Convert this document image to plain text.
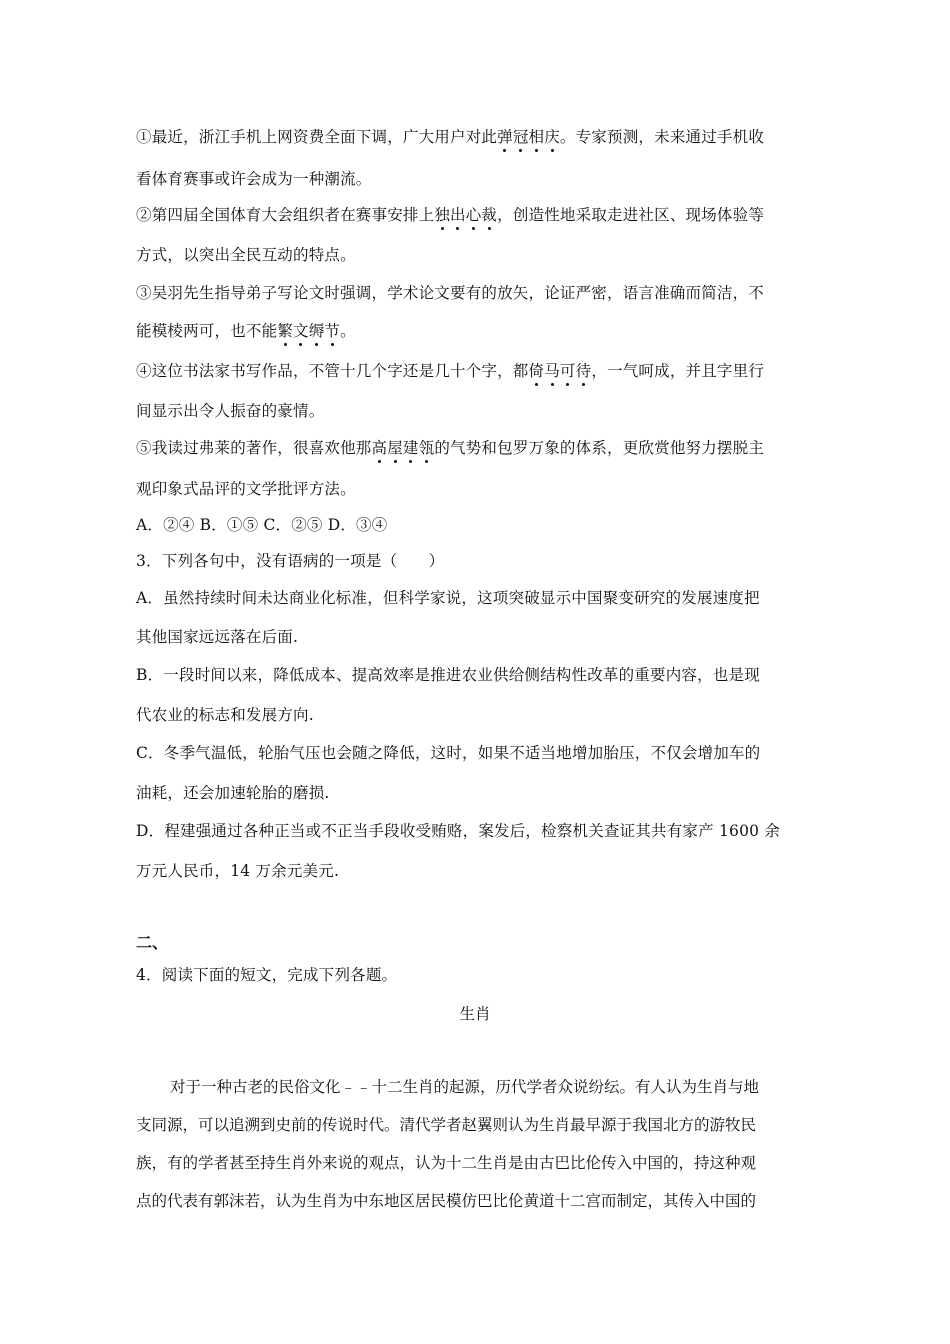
①最近，浙江手机上网资费全面下调，广大用户对此弹冠相庆。专家预测，未来通过手机收
看体育赛事或许会成为一种潮流。
②第四届全国体育大会组织者在赛事安排上独出心裁，创造性地采取走进社区、现场体验等
方式，以突出全民互动的特点。
③吴羽先生指导弟子写论文时强调，学术论文要有的放矢，论证严密，语言准确而简洁，不
能模棱两可，也不能繁文缛节。
④这位书法家书写作品，不管十几个字还是几十个字，都倚马可待，一气呵成，并且字里行
间显示出令人振奋的豪情。
⑤我读过弗莱的著作，很喜欢他那高屋建瓴的气势和包罗万象的体系，更欣赏他努力摆脱主
观印象式品评的文学批评方法。
A．②④ B．①⑤ C．②⑤ D．③④
3．下列各句中，没有语病的一项是（　　）
A．虽然持续时间未达商业化标准，但科学家说，这项突破显示中国聚变研究的发展速度把
其他国家远远落在后面.
B．一段时间以来，降低成本、提高效率是推进农业供给侧结构性改革的重要内容，也是现
代农业的标志和发展方向.
C．冬季气温低，轮胎气压也会随之降低，这时，如果不适当地增加胎压，不仅会增加车的
油耗，还会加速轮胎的磨损.
D．程建强通过各种正当或不正当手段收受贿赂，案发后，检察机关查证其共有家产 1600 余
万元人民币，14 万余元美元.
二、
4．阅读下面的短文，完成下列各题。
生肖
对于一种古老的民俗文化﹣﹣十二生肖的起源，历代学者众说纷纭。有人认为生肖与地
支同源，可以追溯到史前的传说时代。清代学者赵翼则认为生肖最早源于我国北方的游牧民
族，有的学者甚至持生肖外来说的观点，认为十二生肖是由古巴比伦传入中国的，持这种观
点的代表有郭沫若，认为生肖为中东地区居民模仿巴比伦黄道十二宫而制定，其传入中国的
